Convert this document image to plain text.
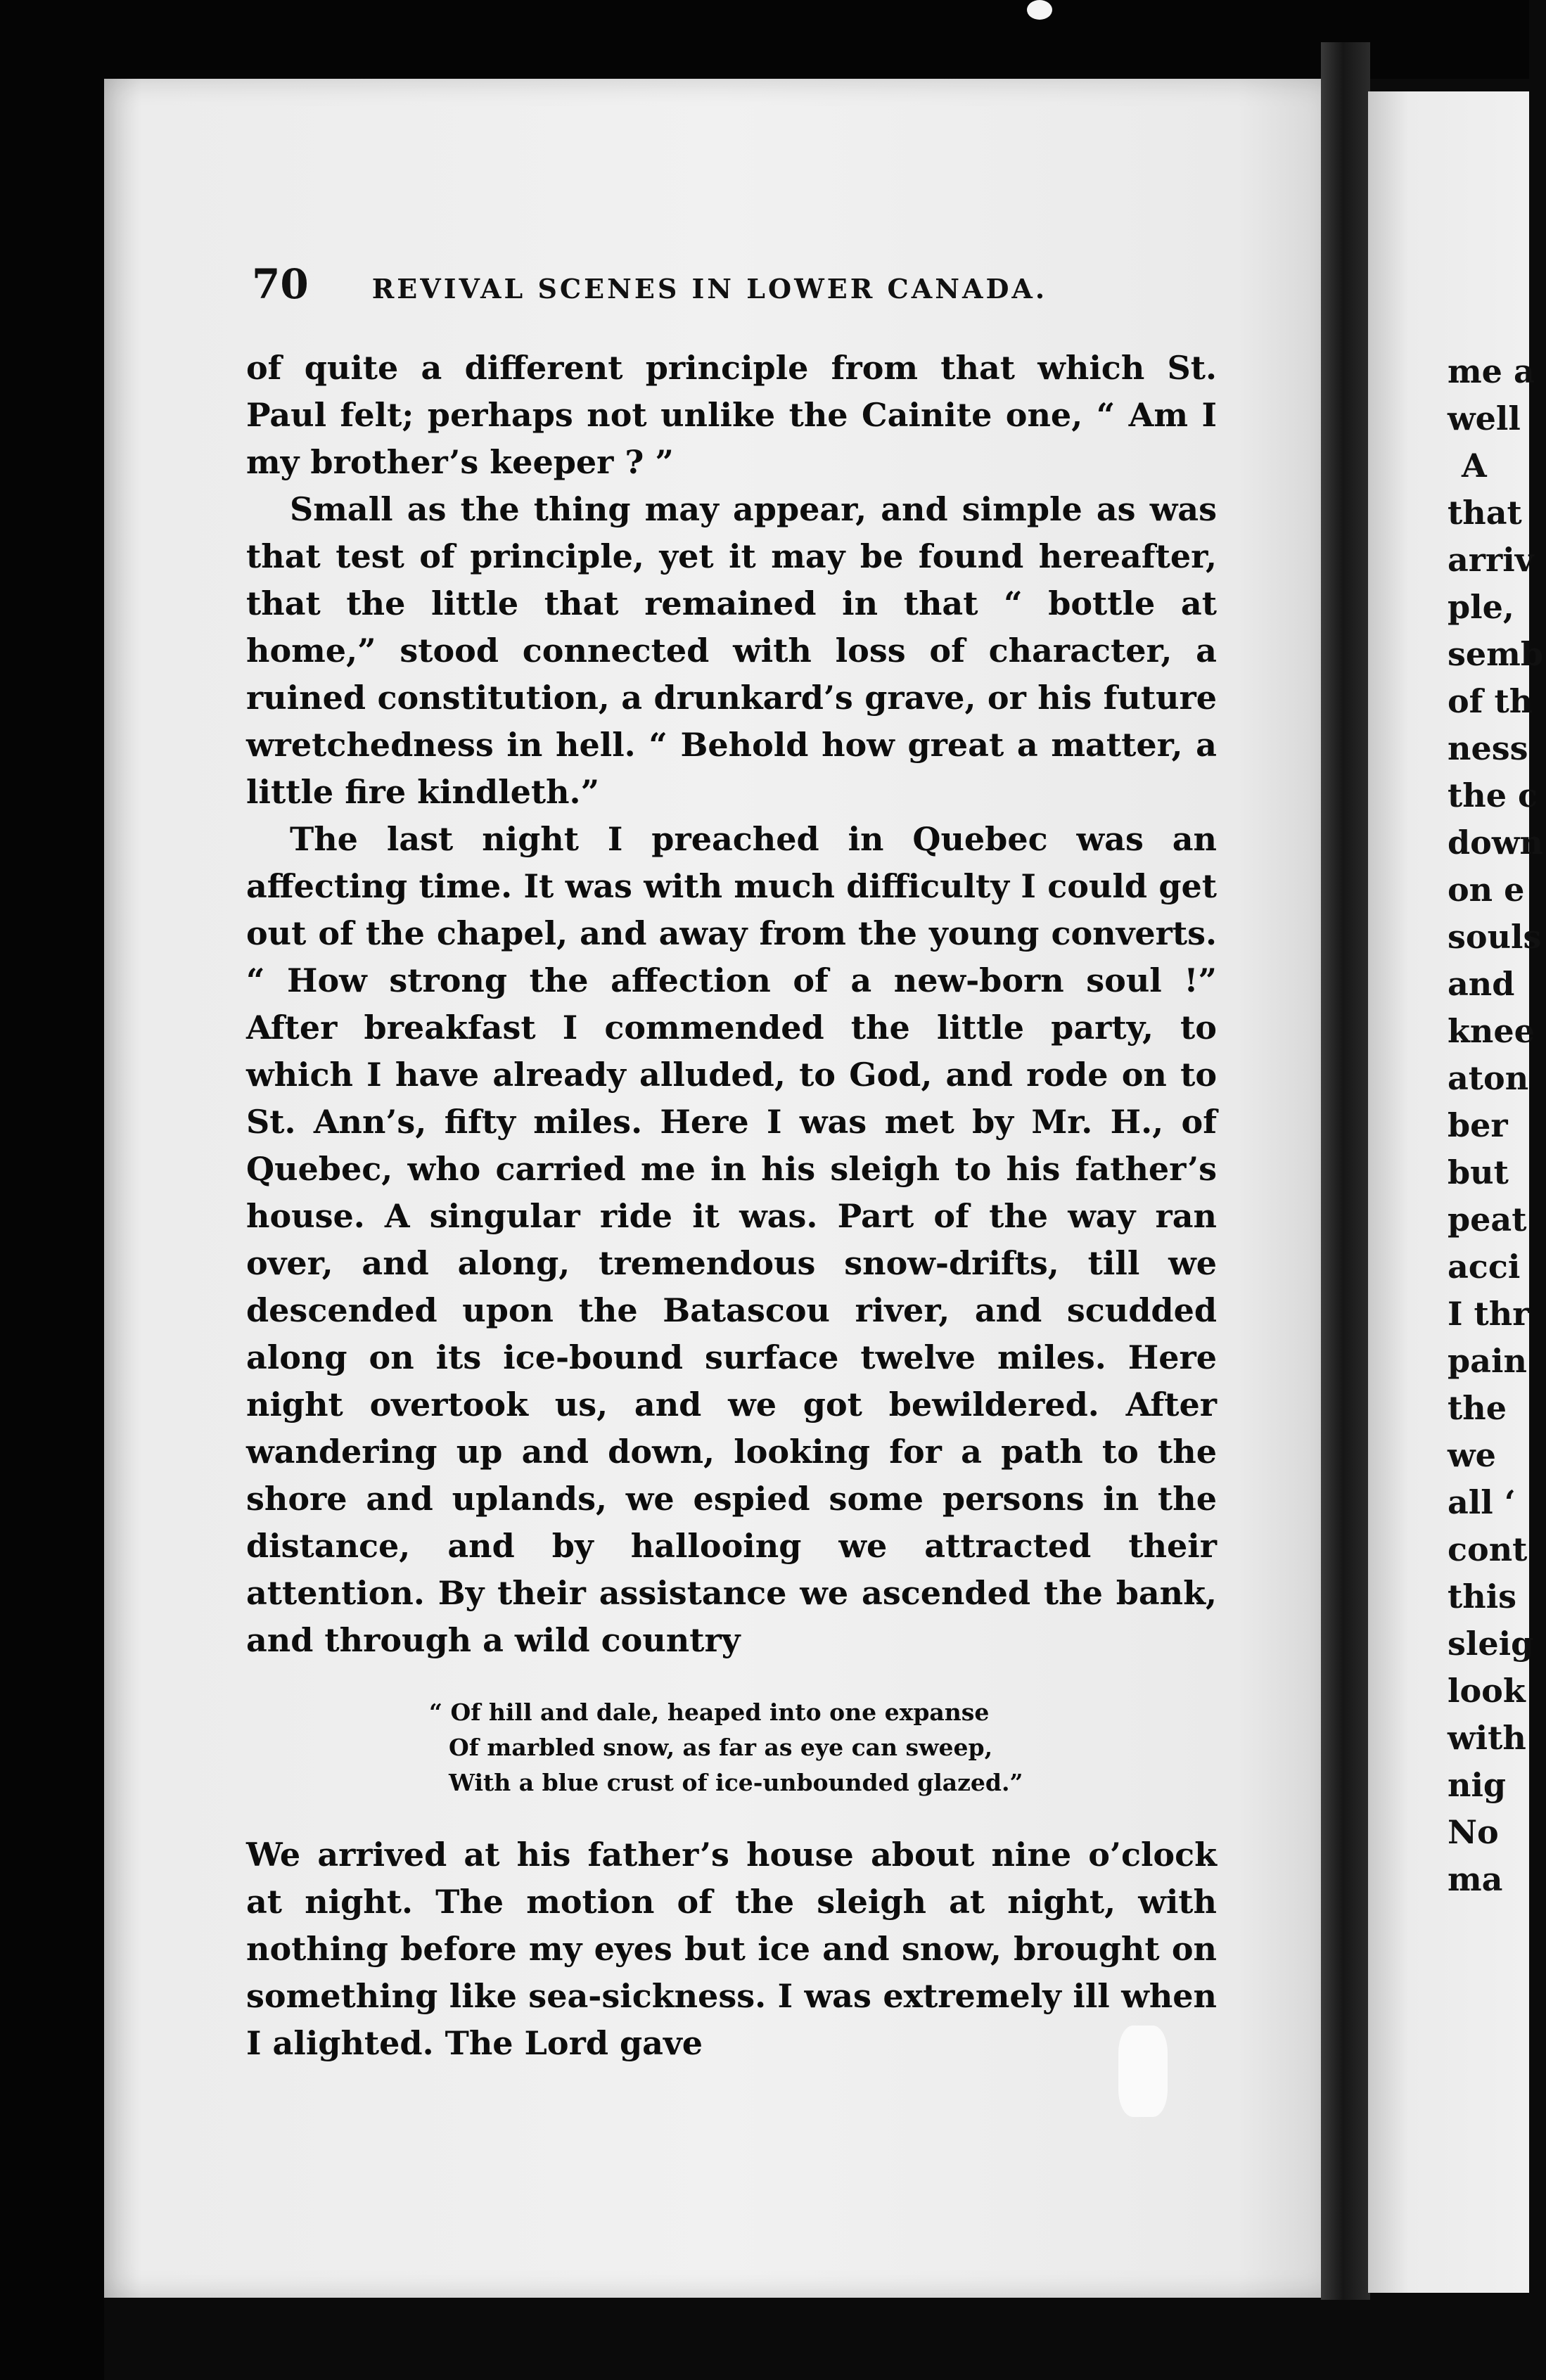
70 REVIVAL SCENES IN LOWER CANADA.

of quite a different principle from that which St. Paul felt; perhaps not unlike the Cainite one, “ Am I my brother’s keeper ? ”

Small as the thing may appear, and simple as was that test of principle, yet it may be found hereafter, that the little that remained in that “ bottle at home,” stood connected with loss of character, a ruined constitution, a drunkard’s grave, or his future wretchedness in hell. “ Behold how great a matter, a little fire kindleth.”

The last night I preached in Quebec was an affecting time. It was with much difficulty I could get out of the chapel, and away from the young converts. “ How strong the affection of a new-born soul !” After breakfast I commended the little party, to which I have already alluded, to God, and rode on to St. Ann’s, fifty miles. Here I was met by Mr. H., of Quebec, who carried me in his sleigh to his father’s house. A singular ride it was. Part of the way ran over, and along, tremendous snow-drifts, till we descended upon the Batascou river, and scudded along on its ice-bound surface twelve miles. Here night overtook us, and we got bewildered. After wandering up and down, looking for a path to the shore and uplands, we espied some persons in the distance, and by hallooing we attracted their attention. By their assistance we ascended the bank, and through a wild country

“ Of hill and dale, heaped into one expanse
Of marbled snow, as far as eye can sweep,
With a blue crust of ice-unbounded glazed.”

We arrived at his father’s house about nine o’clock at night. The motion of the sleigh at night, with nothing before my eyes but ice and snow, brought on something like sea-sickness. I was extremely ill when I alighted. The Lord gave

me a
well
A
that
arriv
ple,
semb
of th
ness
the c
down
on e
souls
and
knee
aton
ber
but
peat
acci
I thr
pain
the
we
all ‘
cont
this
sleig
look
with
nig
No
ma
